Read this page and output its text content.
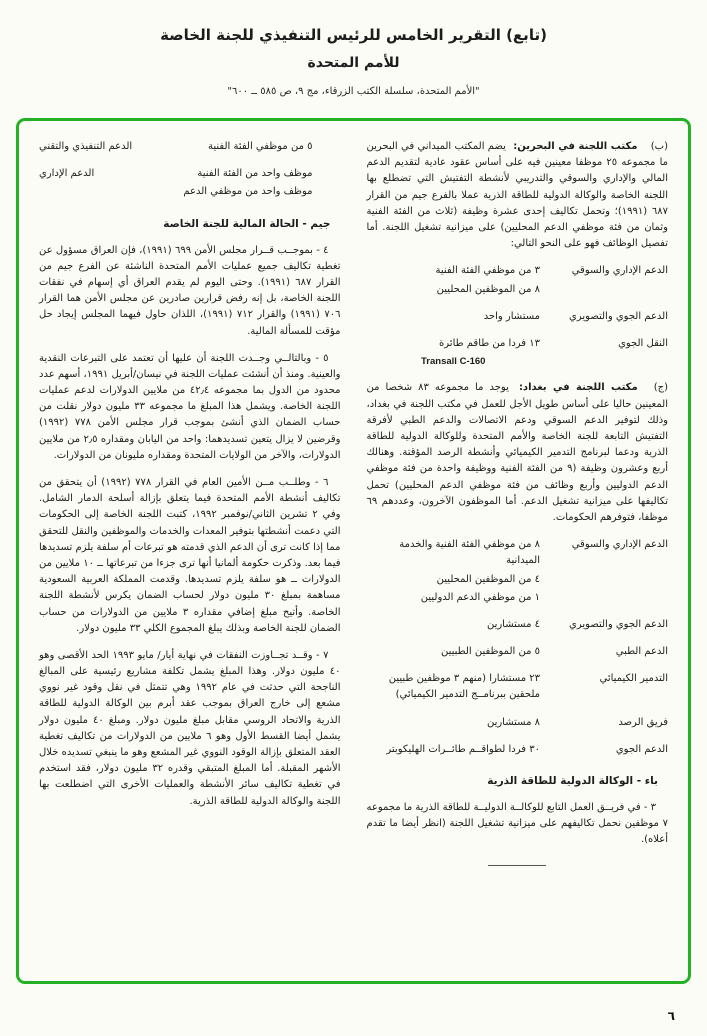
(تابع) التقرير الخامس للرئيس التنفيذي للجنة الخاصة
للأمم المتحدة
"الأمم المتحدة، سلسلة الكتب الزرقاء، مج ٩، ص ٥٨٥ ــ ٦٠٠"

(ب) مكتب اللجنة في البحرين: يضم المكتب الميداني في البحرين ما مجموعه ٢٥ موظفا معينين فيه على أساس عقود عادية لتقديم الدعم المالي والإداري والسوقي والتدريبي لأنشطة التفتيش التي تضطلع بها اللجنة الخاصة والوكالة الدولية للطاقة الذرية عملا بالفرع جيم من القرار ٦٨٧ (١٩٩١)؛ وتحمل تكاليف إحدى عشرة وظيفة (ثلاث من الفئة الفنية وثمان من فئة موظفي الدعم المحليين) على ميزانية تشغيل اللجنة. أما تفصيل الوظائف فهو على النحو التالي:

الدعم الإداري والسوقي
٣ من موظفي الفئة الفنية
٨ من الموظفين المحليين
الدعم الجوي والتصويري
مستشار واحد
النقل الجوي
١٣ فردا من طاقم طائرة
Transall C-160

(ج) مكتب اللجنة في بغداد: يوجد ما مجموعه ٨٣ شخصا من المعينين حاليا على أساس طويل الأجل للعمل في مكتب اللجنة في بغداد، وذلك لتوفير الدعم السوقي ودعم الاتصالات والدعم الطبي لأفرقة التفتيش التابعة للجنة الخاصة والأمم المتحدة وللوكالة الدولية للطاقة الذرية ودعما لبرنامج التدمير الكيميائي وأنشطة الرصد المؤقتة. وهنالك أربع وعشرون وظيفة (٩ من الفئة الفنية ووظيفة واحدة من فئة موظفي الدعم الدوليين وأربع وظائف من فئة موظفي الدعم المحليين) تحمل تكاليفها على ميزانية تشغيل الدعم. أما الموظفون الآخرون، وعددهم ٦٩ موظفا، فتوفرهم الحكومات.

الدعم الإداري والسوقي
٨ من موظفي الفئة الفنية والخدمة الميدانية
٤ من الموظفين المحليين
١ من موظفي الدعم الدوليين
الدعم الجوي والتصويري
٤ مستشارين
الدعم الطبي
٥ من الموظفين الطبيين
التدمير الكيميائي
٢٣ مستشارا (منهم ٣ موظفين طبيين ملحقين ببرنامــج التدمير الكيميائي)
فريق الرصد
٨ مستشارين
الدعم الجوي
٣٠ فردا لطواقــم طائــرات الهليكوبتر
باء - الوكالة الدولية للطاقة الذرية

٣ - في فريــق العمل التابع للوكالــة الدوليــة للطاقة الذرية ما مجموعه ٧ موظفين نحمل تكاليفهم على ميزانية تشغيل اللجنة (انظر أيضا ما تقدم أعلاه).

٥ من موظفي الفئة الفنية
الدعم التنفيذي والتقني
موظف واحد من الفئة الفنية
موظف واحد من موظفي الدعم
الدعم الإداري
جيم - الحالة المالية للجنة الخاصة

٤ - بموجــب قــرار مجلس الأمن ٦٩٩ (١٩٩١)، فإن العراق مسؤول عن تغطية تكاليف جميع عمليات الأمم المتحدة الناشئة عن الفرع جيم من القرار ٦٨٧ (١٩٩١). وحتى اليوم لم يقدم العراق أي إسهام في نفقات اللجنة الخاصة، بل إنه رفض قرارين صادرين عن مجلس الأمن هما القرار ٧٠٦ (١٩٩١) والقرار ٧١٢ (١٩٩١)، اللذان حاول فيهما المجلس إيجاد حل مؤقت للمسألة المالية.

٥ - وبالتالــي وجــدت اللجنة أن عليها أن تعتمد على التبرعات النقدية والعينية. ومنذ أن أنشئت عمليات اللجنة في نيسان/أبريل ١٩٩١، أسهم عدد محدود من الدول بما مجموعه ٤٢٫٤ من ملايين الدولارات لدعم عمليات اللجنة الخاصة. ويشمل هذا المبلغ ما مجموعه ٣٣ مليون دولار نقلت من حساب الضمان الذي أنشئ بموجب قرار مجلس الأمن ٧٧٨ (١٩٩٢) وقرضين لا يزال يتعين تسديدهما: واحد من اليابان ومقداره ٢٫٥ من ملايين الدولارات، والآخر من الولايات المتحدة ومقداره مليونان من الدولارات.

٦ - وطلــب مــن الأمين العام في القرار ٧٧٨ (١٩٩٢) أن يتحقق من تكاليف أنشطة الأمم المتحدة فيما يتعلق بإزالة أسلحة الدمار الشامل. وفي ٢ تشرين الثاني/نوفمبر ١٩٩٢، كتبت اللجنة الخاصة إلى الحكومات التي دعمت أنشطتها بتوفير المعدات والخدمات والموظفين والنقل للتحقق مما إذا كانت ترى أن الدعم الذي قدمته هو تبرعات أم سلفة يلزم تسديدها فيما بعد. وذكرت حكومة ألمانيا أنها ترى جزءا من تبرعاتها ــ ١٠ ملايين من الدولارات ــ هو سلفة يلزم تسديدها. وقدمت المملكة العربية السعودية مساهمة بمبلغ ٣٠ مليون دولار لحساب الضمان يكرس لأنشطة اللجنة الخاصة. وأتيح مبلغ إضافي مقداره ٣ ملايين من الدولارات من حساب الضمان للجنة الخاصة وبذلك يبلغ المجموع الكلي ٣٣ مليون دولار.

٧ - وقــد تجــاوزت النفقات في نهاية أيار/ مايو ١٩٩٣ الحد الأقصى وهو ٤٠ مليون دولار. وهذا المبلغ يشمل تكلفة مشاريع رئيسية على المبالغ الناجحة التي حدثت في عام ١٩٩٢ وهي تتمثل في نقل وقود غير نووي مشعع إلى خارج العراق بموجب عقد أبرم بين الوكالة الدولية للطاقة الذرية والاتحاد الروسي مقابل مبلغ مليون دولار. ومبلغ ٤٠ مليون دولار يشمل أيضا القسط الأول وهو ٦ ملايين من الدولارات من تكاليف تغطية العقد المتعلق بإزالة الوقود النووي غير المشعع وهو ما ينبغي تسديده خلال الأشهر المقبلة. أما المبلغ المتبقي وقدره ٣٢ مليون دولار، فقد استخدم في تغطية تكاليف سائر الأنشطة والعمليات الأخرى التي اضطلعت بها اللجنة والوكالة الدولية للطاقة الذرية.

٦
